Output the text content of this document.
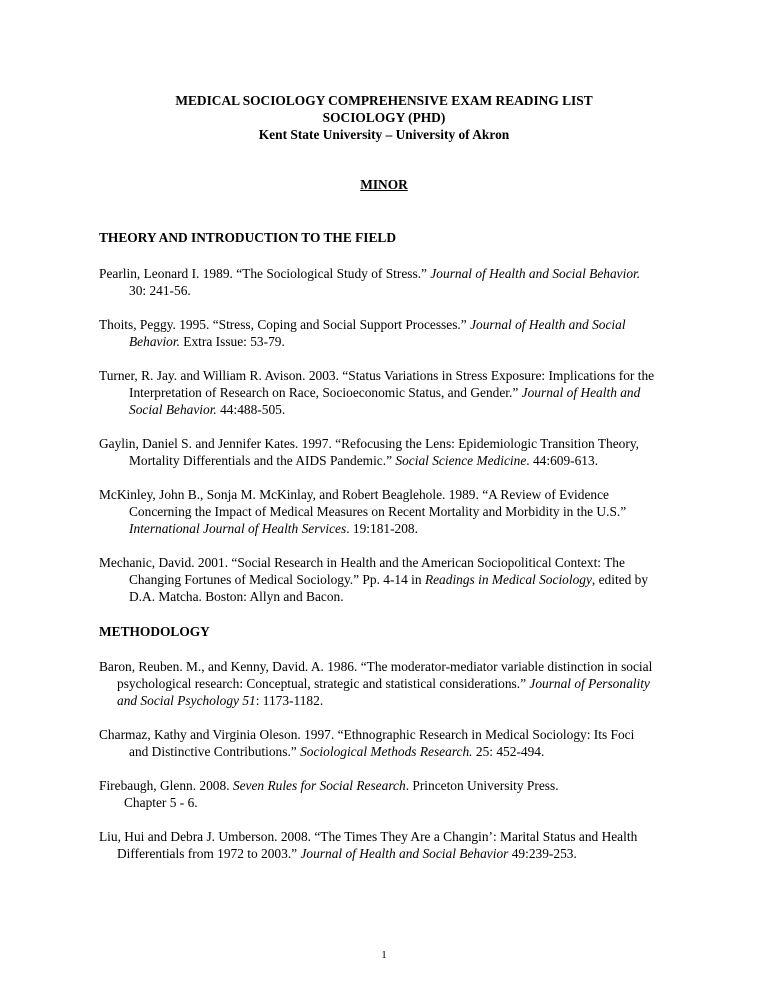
MEDICAL SOCIOLOGY COMPREHENSIVE EXAM READING LIST
SOCIOLOGY (PHD)
Kent State University – University of Akron
MINOR
THEORY AND INTRODUCTION TO THE FIELD
Pearlin, Leonard I. 1989. “The Sociological Study of Stress.” Journal of Health and Social Behavior.
30: 241-56.
Thoits, Peggy. 1995. “Stress, Coping and Social Support Processes.” Journal of Health and Social
Behavior. Extra Issue: 53-79.
Turner, R. Jay. and William R. Avison. 2003. “Status Variations in Stress Exposure: Implications for the
Interpretation of Research on Race, Socioeconomic Status, and Gender.” Journal of Health and
Social Behavior. 44:488-505.
Gaylin, Daniel S. and Jennifer Kates. 1997. “Refocusing the Lens: Epidemiologic Transition Theory,
Mortality Differentials and the AIDS Pandemic.” Social Science Medicine. 44:609-613.
McKinley, John B., Sonja M. McKinlay, and Robert Beaglehole. 1989. “A Review of Evidence
Concerning the Impact of Medical Measures on Recent Mortality and Morbidity in the U.S.”
International Journal of Health Services. 19:181-208.
Mechanic, David. 2001. “Social Research in Health and the American Sociopolitical Context: The
Changing Fortunes of Medical Sociology.” Pp. 4-14 in Readings in Medical Sociology, edited by
D.A. Matcha. Boston: Allyn and Bacon.
METHODOLOGY
Baron, Reuben. M., and Kenny, David. A. 1986. “The moderator-mediator variable distinction in social
psychological research: Conceptual, strategic and statistical considerations.” Journal of Personality
and Social Psychology 51: 1173-1182.
Charmaz, Kathy and Virginia Oleson. 1997. “Ethnographic Research in Medical Sociology: Its Foci
and Distinctive Contributions.” Sociological Methods Research. 25: 452-494.
Firebaugh, Glenn. 2008. Seven Rules for Social Research. Princeton University Press.
Chapter 5 - 6.
Liu, Hui and Debra J. Umberson. 2008. “The Times They Are a Changin’: Marital Status and Health
Differentials from 1972 to 2003.” Journal of Health and Social Behavior 49:239-253.
1
